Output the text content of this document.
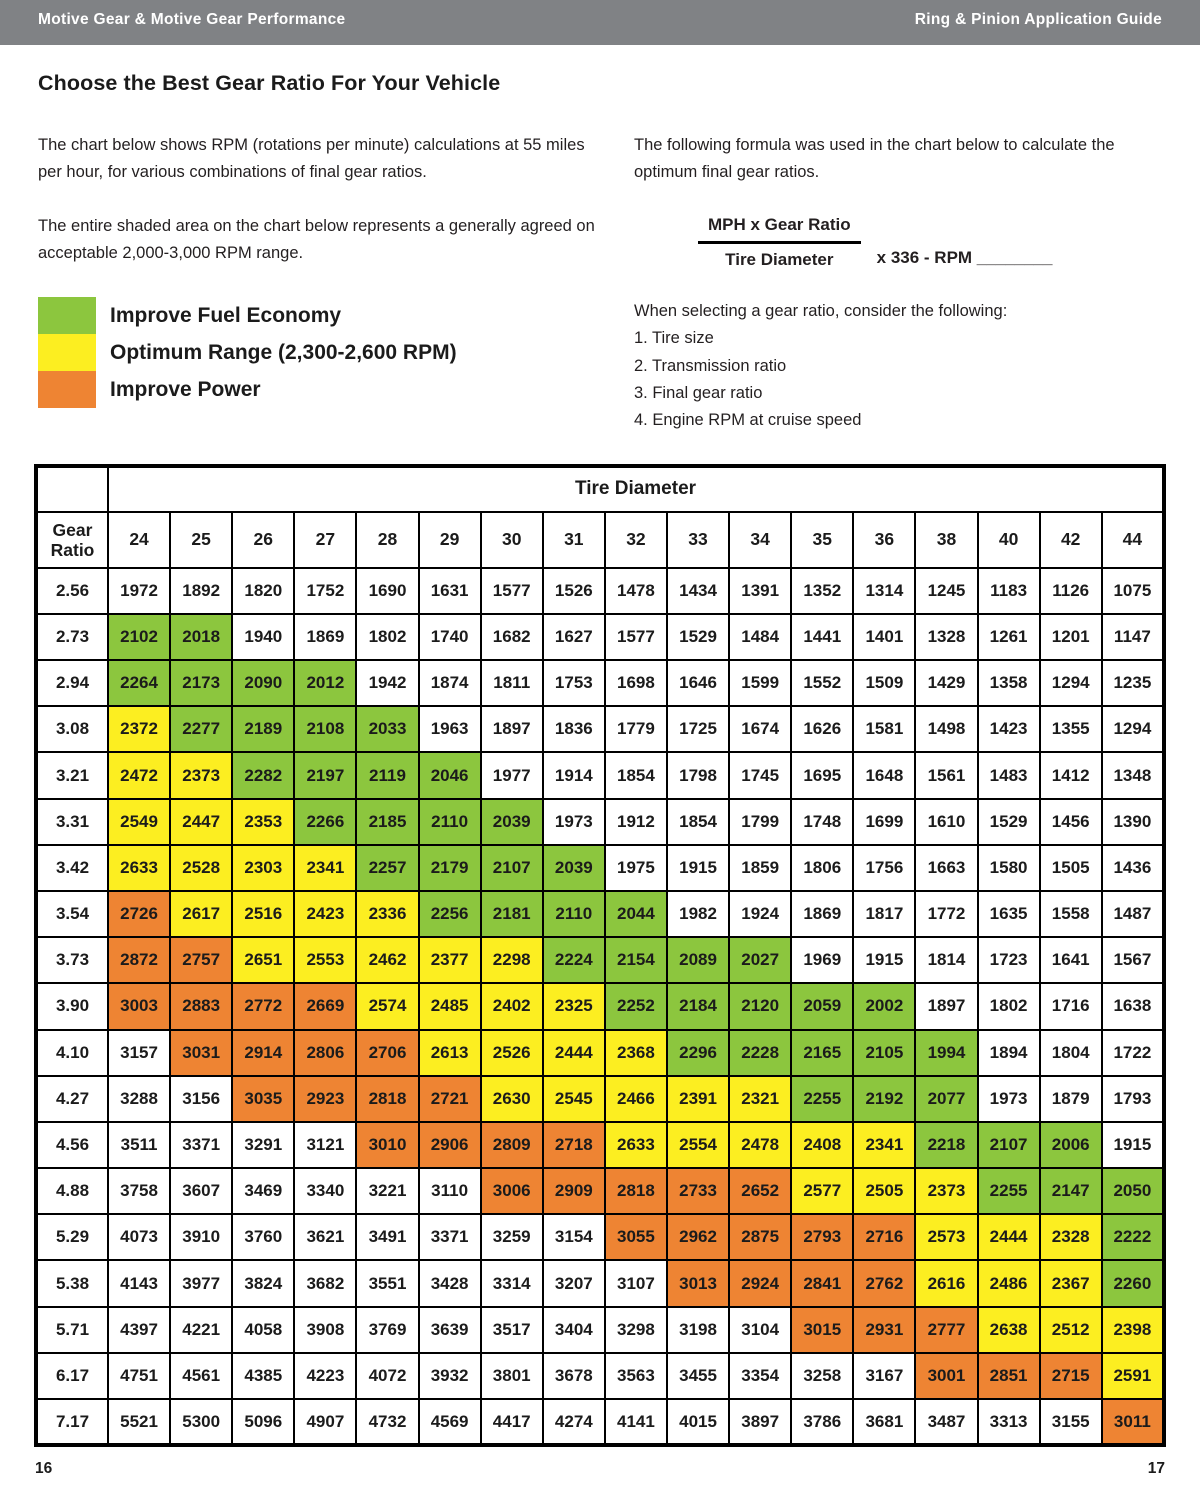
Motive Gear & Motive Gear Performance	Ring & Pinion Application Guide
Choose the Best Gear Ratio For Your Vehicle
The chart below shows RPM (rotations per minute) calculations at 55 miles per hour, for various combinations of final gear ratios.
The entire shaded area on the chart below represents a generally agreed on acceptable 2,000-3,000 RPM range.
Improve Fuel Economy
Optimum Range (2,300-2,600 RPM)
Improve Power
The following formula was used in the chart below to calculate the optimum final gear ratios.
$\frac{\text{MPH x Gear Ratio}}{\text{Tire Diameter}}$ x 336 - RPM ________
When selecting a gear ratio, consider the following:
1. Tire size
2. Transmission ratio
3. Final gear ratio
4. Engine RPM at cruise speed
	Tire Diameter																
Gear
Ratio	24	25	26	27	28	29	30	31	32	33	34	35	36	38	40	42	44
2.56	1972	1892	1820	1752	1690	1631	1577	1526	1478	1434	1391	1352	1314	1245	1183	1126	1075
2.73	2102	2018	1940	1869	1802	1740	1682	1627	1577	1529	1484	1441	1401	1328	1261	1201	1147
2.94	2264	2173	2090	2012	1942	1874	1811	1753	1698	1646	1599	1552	1509	1429	1358	1294	1235
3.08	2372	2277	2189	2108	2033	1963	1897	1836	1779	1725	1674	1626	1581	1498	1423	1355	1294
3.21	2472	2373	2282	2197	2119	2046	1977	1914	1854	1798	1745	1695	1648	1561	1483	1412	1348
3.31	2549	2447	2353	2266	2185	2110	2039	1973	1912	1854	1799	1748	1699	1610	1529	1456	1390
3.42	2633	2528	2303	2341	2257	2179	2107	2039	1975	1915	1859	1806	1756	1663	1580	1505	1436
3.54	2726	2617	2516	2423	2336	2256	2181	2110	2044	1982	1924	1869	1817	1772	1635	1558	1487
3.73	2872	2757	2651	2553	2462	2377	2298	2224	2154	2089	2027	1969	1915	1814	1723	1641	1567
3.90	3003	2883	2772	2669	2574	2485	2402	2325	2252	2184	2120	2059	2002	1897	1802	1716	1638
4.10	3157	3031	2914	2806	2706	2613	2526	2444	2368	2296	2228	2165	2105	1994	1894	1804	1722
4.27	3288	3156	3035	2923	2818	2721	2630	2545	2466	2391	2321	2255	2192	2077	1973	1879	1793
4.56	3511	3371	3291	3121	3010	2906	2809	2718	2633	2554	2478	2408	2341	2218	2107	2006	1915
4.88	3758	3607	3469	3340	3221	3110	3006	2909	2818	2733	2652	2577	2505	2373	2255	2147	2050
5.29	4073	3910	3760	3621	3491	3371	3259	3154	3055	2962	2875	2793	2716	2573	2444	2328	2222
5.38	4143	3977	3824	3682	3551	3428	3314	3207	3107	3013	2924	2841	2762	2616	2486	2367	2260
5.71	4397	4221	4058	3908	3769	3639	3517	3404	3298	3198	3104	3015	2931	2777	2638	2512	2398
6.17	4751	4561	4385	4223	4072	3932	3801	3678	3563	3455	3354	3258	3167	3001	2851	2715	2591
7.17	5521	5300	5096	4907	4732	4569	4417	4274	4141	4015	3897	3786	3681	3487	3313	3155	3011
16	17
